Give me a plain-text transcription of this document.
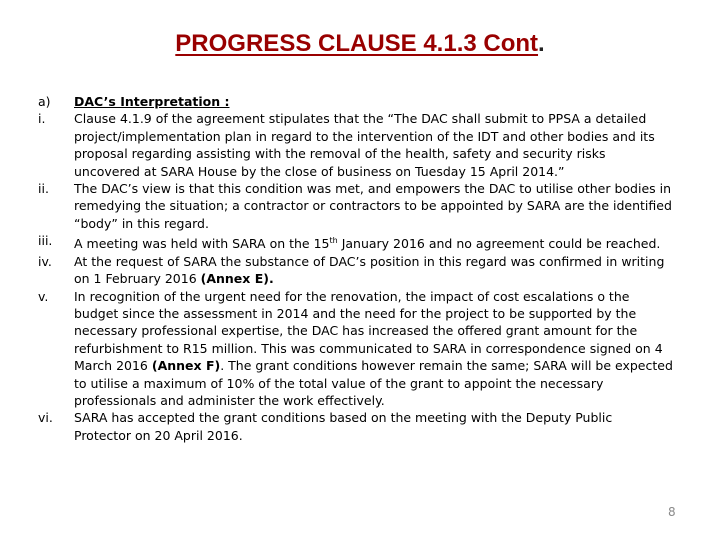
PROGRESS CLAUSE 4.1.3 Cont.
a)	DAC’s Interpretation :
i.	Clause 4.1.9 of the agreement stipulates that the “The DAC shall submit to PPSA a detailed project/implementation plan in regard to the intervention of the IDT and other bodies and its proposal regarding assisting with the removal of the health, safety and security risks uncovered at SARA House by the close of business on Tuesday 15 April 2014.”
ii.	The DAC’s view is that this condition was met, and empowers the DAC to utilise other bodies in remedying the situation; a contractor or contractors to be appointed by SARA are the identified “body” in this regard.
iii.	A meeting was held with SARA on the 15th January 2016 and no agreement could be reached.
iv.	At the request of SARA the substance of DAC’s position in this regard was confirmed in writing on 1 February 2016 (Annex E).
v.	In recognition of the urgent need for the renovation, the impact of cost escalations o the budget since the assessment in 2014 and the need for the project to be supported by the necessary professional expertise, the DAC has increased the offered grant amount for the refurbishment to R15 million. This was communicated to SARA in correspondence signed on 4 March 2016 (Annex F). The grant conditions however remain the same; SARA will be expected to utilise a maximum of 10% of the total value of the grant to appoint the necessary professionals and administer the work effectively.
vi.	SARA has accepted the grant conditions based on the meeting with the Deputy Public Protector on 20 April 2016.
8
